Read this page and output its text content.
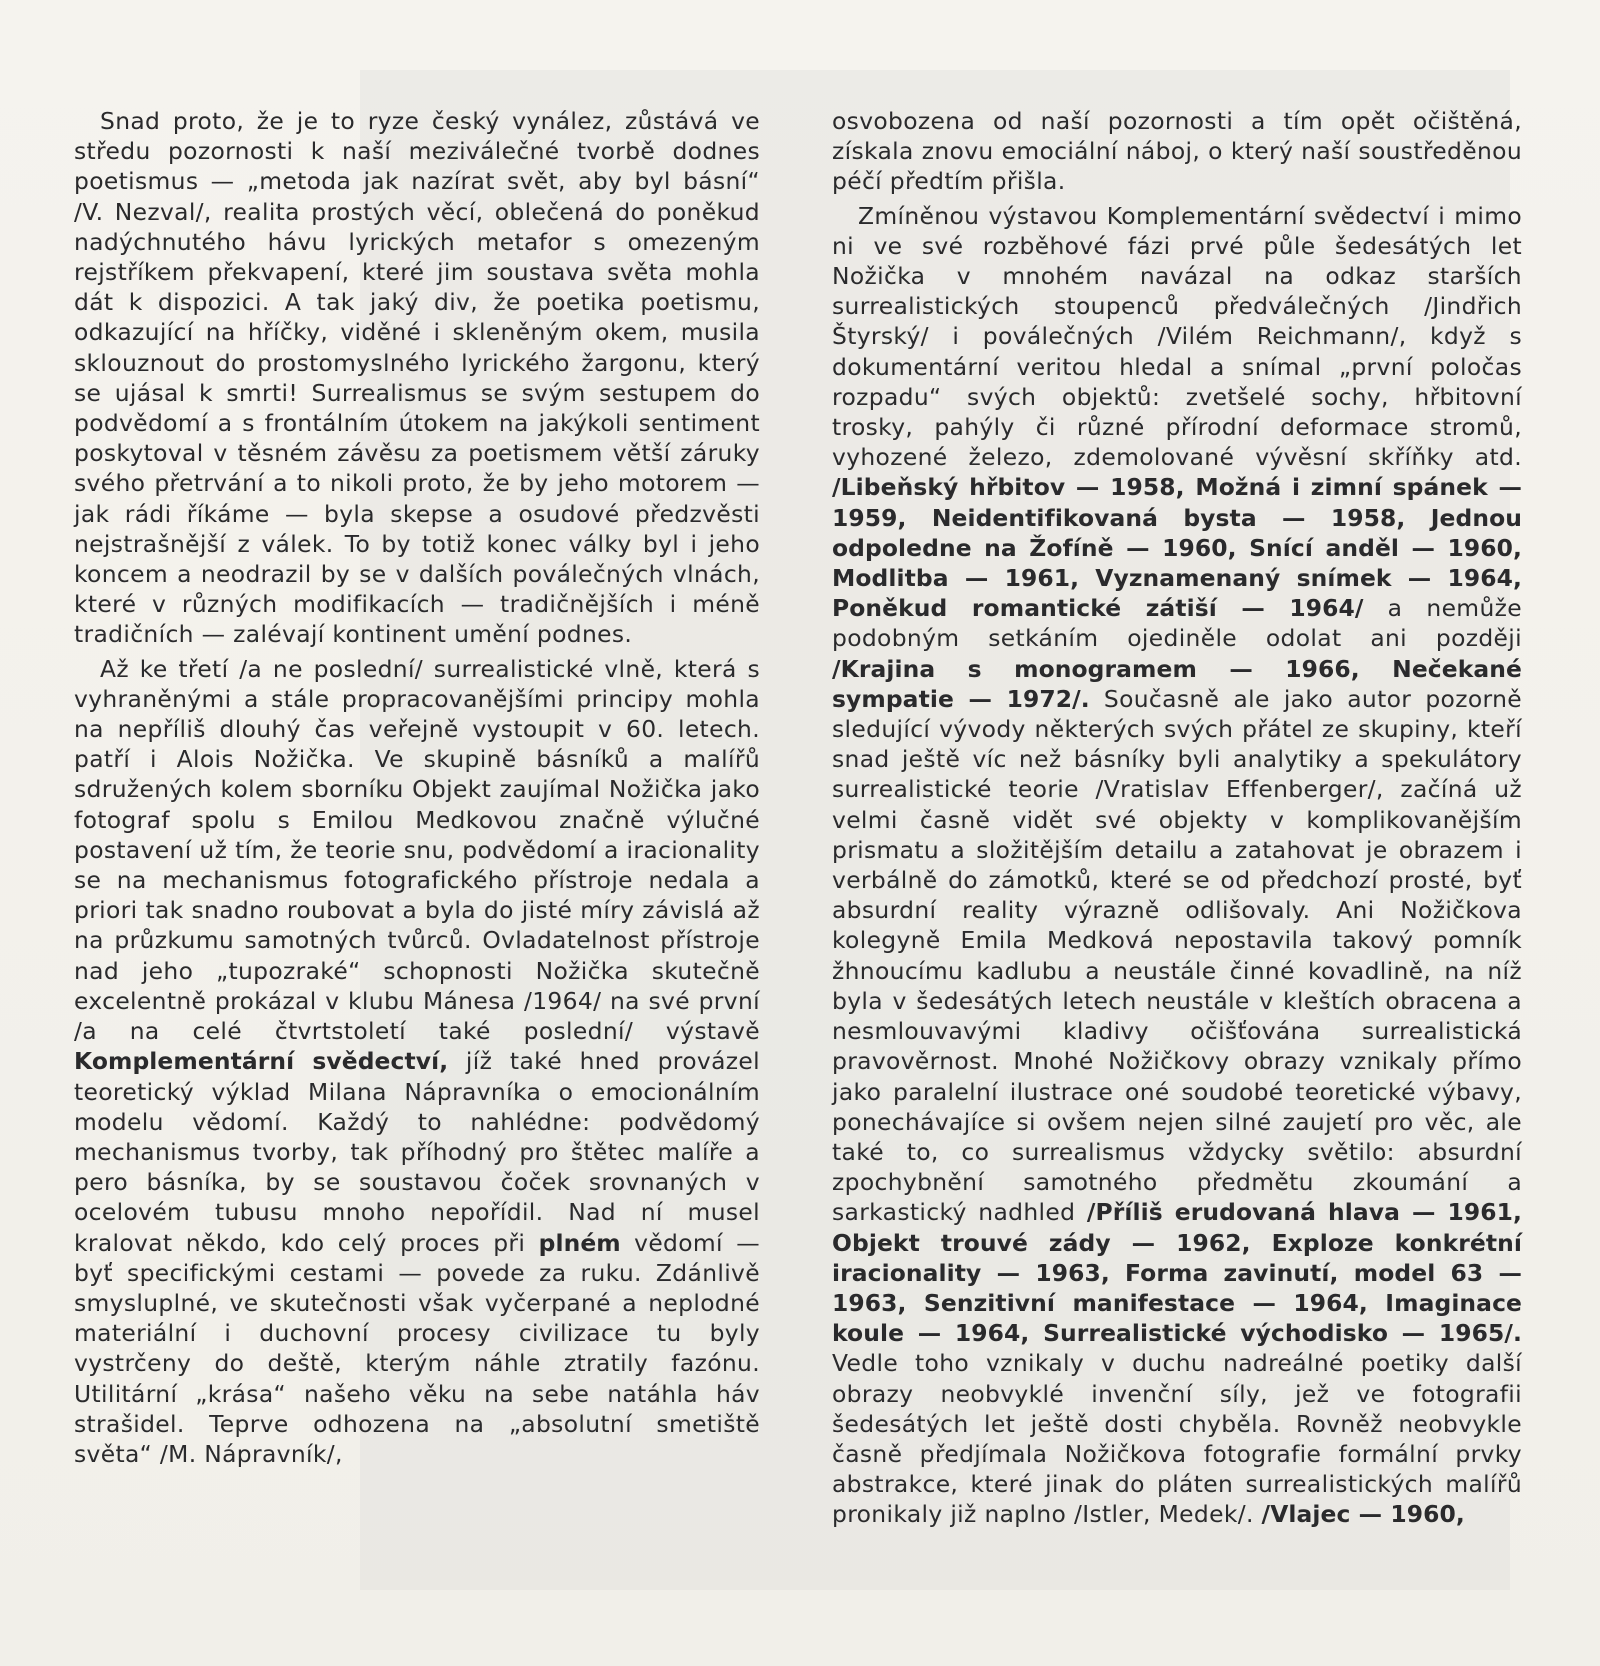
Snad proto, že je to ryze český vynález, zůstává ve středu pozornosti k naší meziválečné tvorbě dodnes poetismus — „metoda jak nazírat svět, aby byl básní“ /V. Nezval/, realita prostých věcí, oblečená do poněkud nadýchnutého hávu lyrických metafor s omezeným rejstříkem překvapení, které jim soustava světa mohla dát k dispozici. A tak jaký div, že poetika poetismu, odkazující na hříčky, viděné i skleněným okem, musila sklouznout do prostomyslného lyrického žargonu, který se ujásal k smrti! Surrealismus se svým sestupem do podvědomí a s frontálním útokem na jakýkoli sentiment poskytoval v těsném závěsu za poetismem větší záruky svého přetrvání a to nikoli proto, že by jeho motorem — jak rádi říkáme — byla skepse a osudové předzvěsti nejstrašnější z válek. To by totiž konec války byl i jeho koncem a neodrazil by se v dalších poválečných vlnách, které v různých modifikacích — tradičnějších i méně tradičních — zalévají kontinent umění podnes.

Až ke třetí /a ne poslední/ surrealistické vlně, která s vyhraněnými a stále propracovanějšími principy mohla na nepříliš dlouhý čas veřejně vystoupit v 60. letech. patří i Alois Nožička. Ve skupině básníků a malířů sdružených kolem sborníku Objekt zaujímal Nožička jako fotograf spolu s Emilou Medkovou značně výlučné postavení už tím, že teorie snu, podvědomí a iracionality se na mechanismus fotografického přístroje nedala a priori tak snadno roubovat a byla do jisté míry závislá až na průzkumu samotných tvůrců. Ovladatelnost přístroje nad jeho „tupozraké“ schopnosti Nožička skutečně excelentně prokázal v klubu Mánesa /1964/ na své první /a na celé čtvrtstoletí také poslední/ výstavě Komplementární svědectví, jíž také hned provázel teoretický výklad Milana Nápravníka o emocionálním modelu vědomí. Každý to nahlédne: podvědomý mechanismus tvorby, tak příhodný pro štětec malíře a pero básníka, by se soustavou čoček srovnaných v ocelovém tubusu mnoho nepořídil. Nad ní musel kralovat někdo, kdo celý proces při plném vědomí — byť specifickými cestami — povede za ruku. Zdánlivě smysluplné, ve skutečnosti však vyčerpané a neplodné materiální i duchovní procesy civilizace tu byly vystrčeny do deště, kterým náhle ztratily fazónu. Utilitární „krása“ našeho věku na sebe natáhla háv strašidel. Teprve odhozena na „absolutní smetiště světa“ /M. Nápravník/,

osvobozena od naší pozornosti a tím opět očištěná, získala znovu emociální náboj, o který naší soustředěnou péčí předtím přišla.

Zmíněnou výstavou Komplementární svědectví i mimo ni ve své rozběhové fázi prvé půle šedesátých let Nožička v mnohém navázal na odkaz starších surrealistických stoupenců předválečných /Jindřich Štyrský/ i poválečných /Vilém Reichmann/, když s dokumentární veritou hledal a snímal „první poločas rozpadu“ svých objektů: zvetšelé sochy, hřbitovní trosky, pahýly či různé přírodní deformace stromů, vyhozené železo, zdemolované vývěsní skříňky atd. /Libeňský hřbitov — 1958, Možná i zimní spánek — 1959, Neidentifikovaná bysta — 1958, Jednou odpoledne na Žofíně — 1960, Snící anděl — 1960, Modlitba — 1961, Vyznamenaný snímek — 1964, Poněkud romantické zátiší — 1964/ a nemůže podobným setkáním ojediněle odolat ani později /Krajina s monogramem — 1966, Nečekané sympatie — 1972/. Současně ale jako autor pozorně sledující vývody některých svých přátel ze skupiny, kteří snad ještě víc než básníky byli analytiky a spekulátory surrealistické teorie /Vratislav Effenberger/, začíná už velmi časně vidět své objekty v komplikovanějším prismatu a složitějším detailu a zatahovat je obrazem i verbálně do zámotků, které se od předchozí prosté, byť absurdní reality výrazně odlišovaly. Ani Nožičkova kolegyně Emila Medková nepostavila takový pomník žhnoucímu kadlubu a neustále činné kovadlině, na níž byla v šedesátých letech neustále v kleštích obracena a nesmlouvavými kladivy očišťována surrealistická pravověrnost. Mnohé Nožičkovy obrazy vznikaly přímo jako paralelní ilustrace oné soudobé teoretické výbavy, ponechávajíce si ovšem nejen silné zaujetí pro věc, ale také to, co surrealismus vždycky světilo: absurdní zpochybnění samotného předmětu zkoumání a sarkastický nadhled /Příliš erudovaná hlava — 1961, Objekt trouvé zády — 1962, Exploze konkrétní iracionality — 1963, Forma zavinutí, model 63 — 1963, Senzitivní manifestace — 1964, Imaginace koule — 1964, Surrealistické východisko — 1965/. Vedle toho vznikaly v duchu nadreálné poetiky další obrazy neobvyklé invenční síly, jež ve fotografii šedesátých let ještě dosti chyběla. Rovněž neobvykle časně předjímala Nožičkova fotografie formální prvky abstrakce, které jinak do pláten surrealistických malířů pronikaly již naplno /Istler, Medek/. /Vlajec — 1960,
